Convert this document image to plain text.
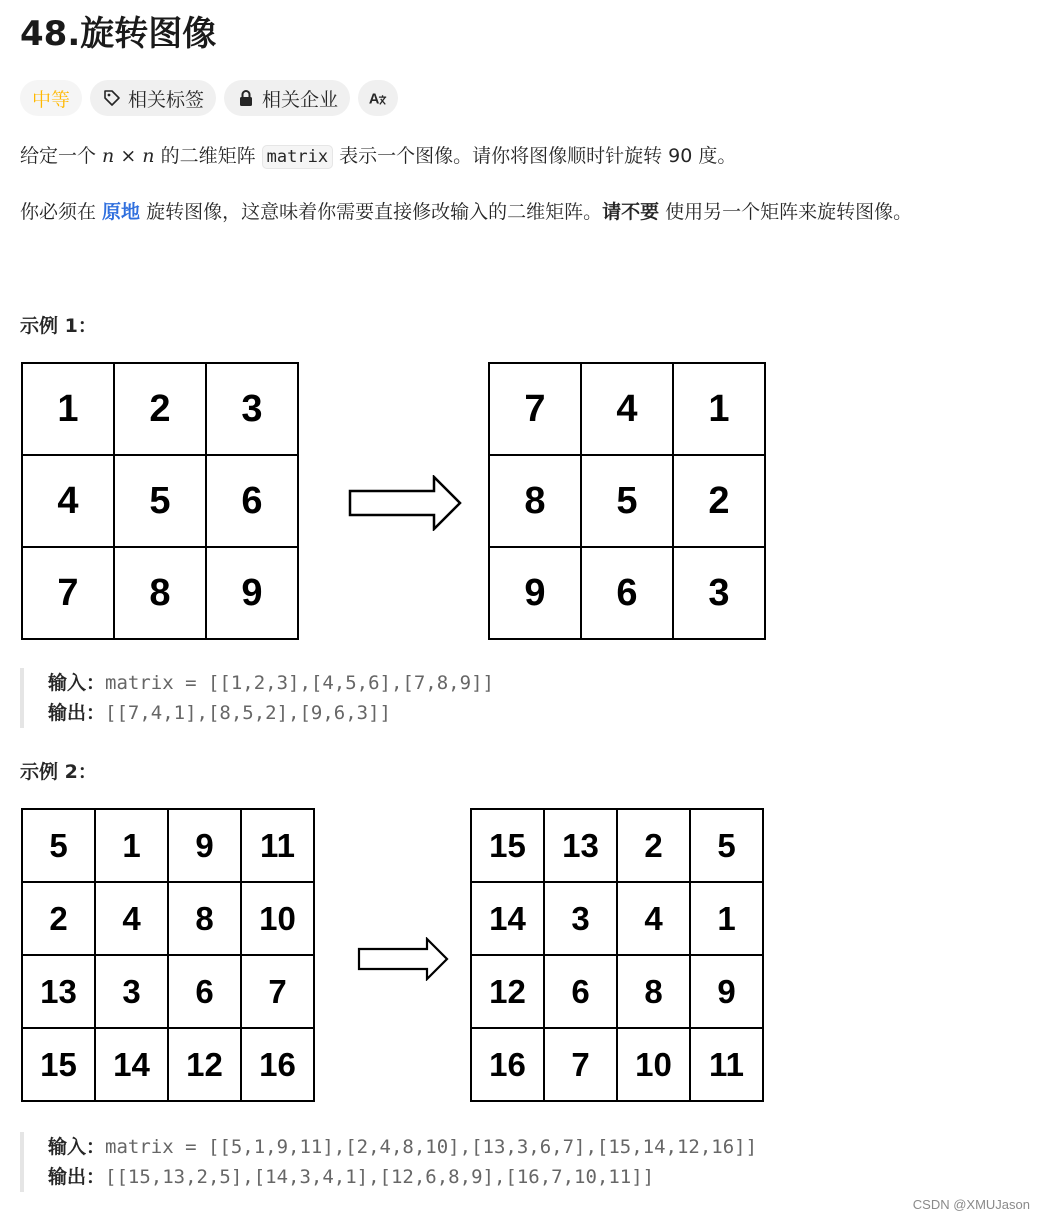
48.旋转图像
中等	相关标签	相关企业 A
给定一个 n × n 的二维矩阵 matrix 表示一个图像。请你将图像顺时针旋转 90 度。
你必须在 原地 旋转图像，这意味着你需要直接修改输入的二维矩阵。请不要 使用另一个矩阵来旋转图像。
示例 1：
1	2	3
4	5	6
7	8	9
7	4	1
8	5	2
9	6	3
输入：matrix = [[1,2,3],[4,5,6],[7,8,9]]
输出：[[7,4,1],[8,5,2],[9,6,3]]
示例 2：
5	1	9	11
2	4	8	10
13	3	6	7
15	14	12	16
15	13	2	5
14	3	4	1
12	6	8	9
16	7	10	11
输入：matrix = [[5,1,9,11],[2,4,8,10],[13,3,6,7],[15,14,12,16]]
输出：[[15,13,2,5],[14,3,4,1],[12,6,8,9],[16,7,10,11]]
CSDN @XMUJason
